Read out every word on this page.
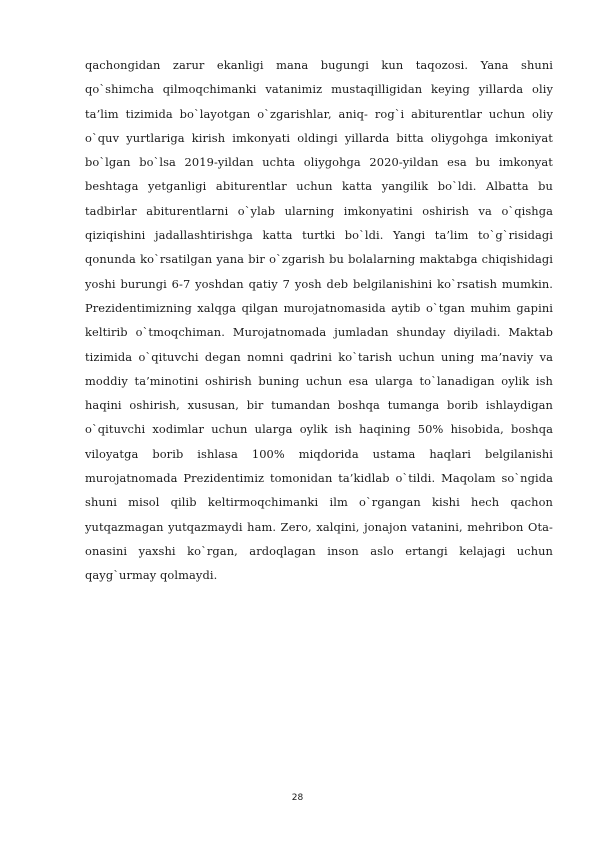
qachongidan zarur ekanligi mana bugungi kun taqozosi. Yana shuni qo`shimcha qilmoqchimanki vatanimiz mustaqilligidan keying yillarda oliy ta’lim tizimida bo`layotgan o`zgarishlar, aniq- rog`i abiturentlar uchun oliy o`quv yurtlariga kirish imkonyati oldingi yillarda bitta oliygohga imkoniyat bo`lgan bo`lsa 2019-yildan uchta oliygohga 2020-yildan esa bu imkonyat beshtaga yetganligi abiturentlar uchun katta yangilik bo`ldi. Albatta bu tadbirlar abiturentlarni o`ylab ularning imkonyatini oshirish va o`qishga qiziqishini jadallashtirishga katta turtki bo`ldi. Yangi ta’lim to`g`risidagi qonunda ko`rsatilgan yana bir o`zgarish bu bolalarning maktabga chiqishidagi yoshi burungi 6-7 yoshdan qatiy 7 yosh deb belgilanishini ko`rsatish mumkin. Prezidentimizning xalqga qilgan murojatnomasida aytib o`tgan muhim gapini keltirib o`tmoqchiman. Murojatnomada jumladan shunday diyiladi. Maktab tizimida o`qituvchi degan nomni qadrini ko`tarish uchun uning ma’naviy va moddiy ta’minotini oshirish buning uchun esa ularga to`lanadigan oylik ish haqini oshirish, xususan, bir tumandan boshqa tumanga borib ishlaydigan o`qituvchi xodimlar uchun ularga oylik ish haqining 50% hisobida, boshqa viloyatga borib ishlasa 100% miqdorida ustama haqlari belgilanishi murojatnomada Prezidentimiz tomonidan ta’kidlab o`tildi. Maqolam so`ngida shuni misol qilib keltirmoqchimanki ilm o`rgangan kishi hech qachon yutqazmagan yutqazmaydi ham. Zero, xalqini, jonajon vatanini, mehribon Ota-onasini yaxshi ko`rgan, ardoqlagan inson aslo ertangi kelajagi uchun qayg`urmay qolmaydi.

28
